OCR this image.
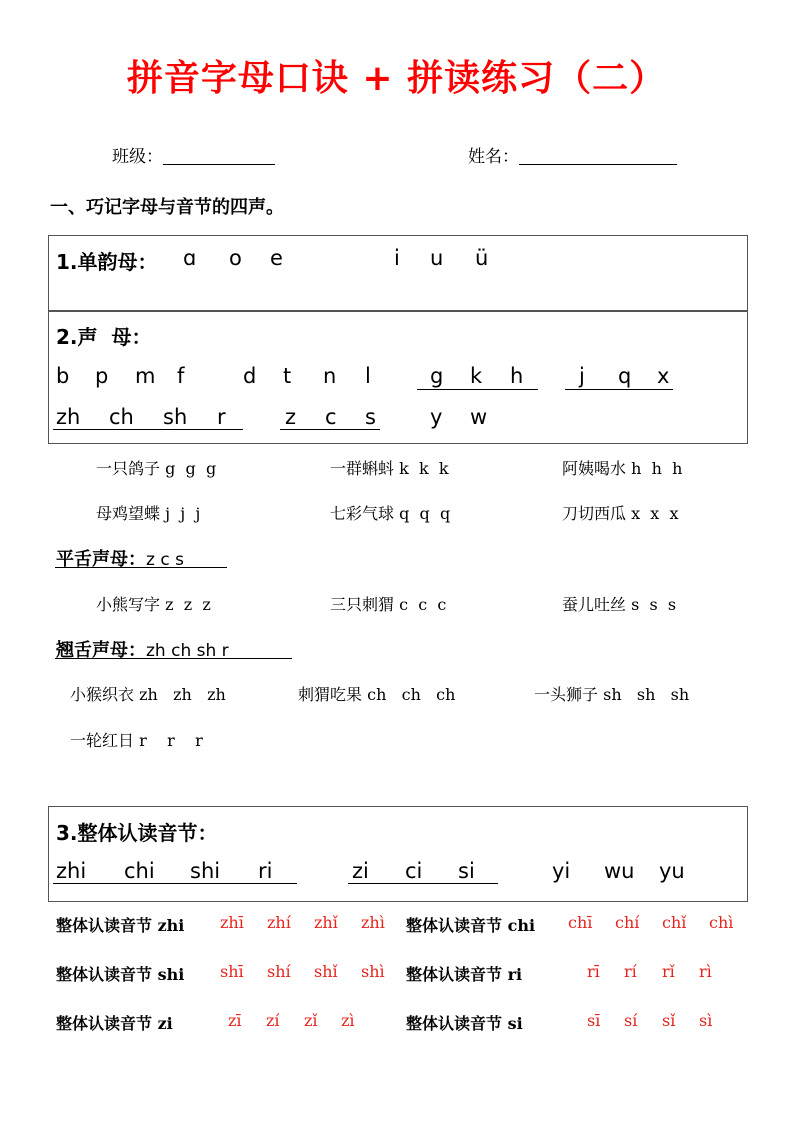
拼音字母口诀 + 拼读练习（二）
班级：	姓名：
一、巧记字母与音节的四声。
1.单韵母： ɑ o e	i u ü
2.声  母：
b p m f	d t n l	g k h	j q x
zh ch sh r	z c s	y w
一只鸽子 g  g  g	一群蝌蚪 k  k  k	阿姨喝水 h  h  h
母鸡望蝶 j  j  j	七彩气球 q  q  q	刀切西瓜 x  x  x
平舌声母：z c s
小熊写字 z  z  z	三只刺猬 c  c  c	蚕儿吐丝 s  s  s
翘舌声母：zh ch sh r
小猴织衣 zh   zh   zh	刺猬吃果 ch   ch   ch	一头狮子 sh   sh   sh
一轮红日 r    r    r
3.整体认读音节：
zhi chi shi ri	zi ci si	yi wu yu
整体认读音节 zhi zhī zhí zhǐ zhì 整体认读音节 chi chī chí chǐ chì
整体认读音节 shi shī shí shǐ shì 整体认读音节 ri	rī rí rǐ rì
整体认读音节 zi	zī zí zǐ zì	整体认读音节 si	sī sí sǐ sì
